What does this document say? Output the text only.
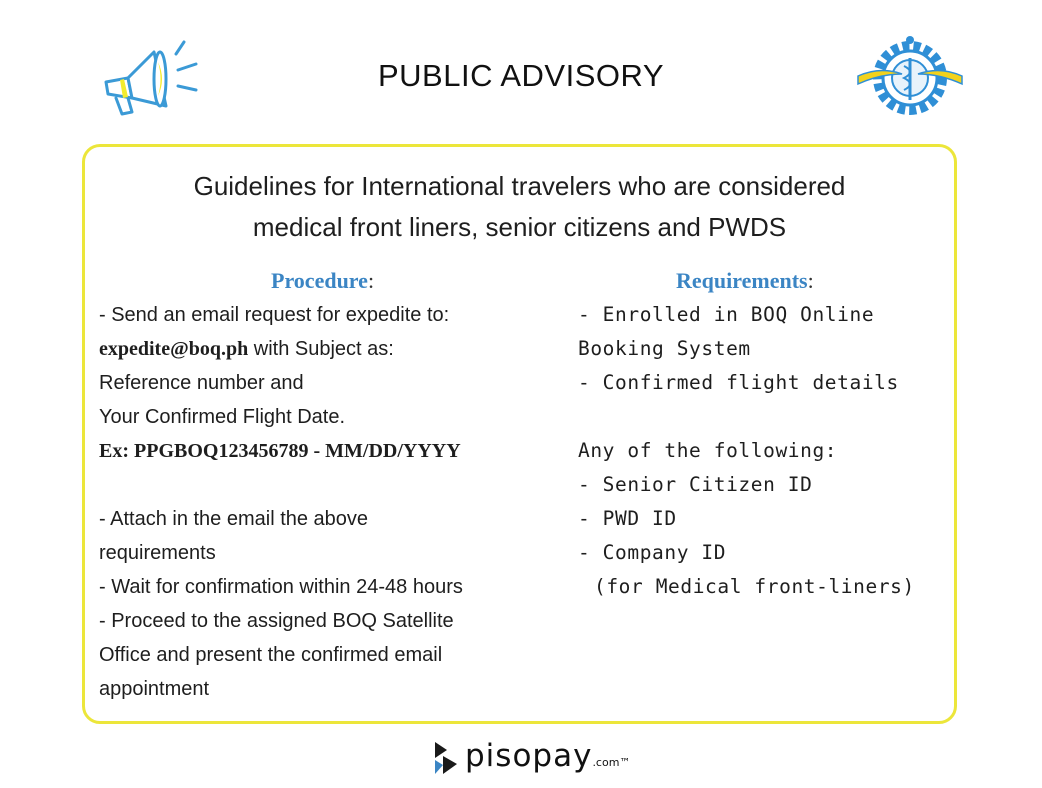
PUBLIC ADVISORY
Guidelines for International travelers who are considered
medical front liners, senior citizens and PWDS
Procedure:
- Send an email request for expedite to:
expedite@boq.ph with Subject as:
Reference number and
Your Confirmed Flight Date.
Ex: PPGBOQ123456789 - MM/DD/YYYY
- Attach in the email the above
requirements
- Wait for confirmation within 24-48 hours
- Proceed to the assigned BOQ Satellite
Office and present the confirmed email
appointment
Requirements:
- Enrolled in BOQ Online
Booking System
- Confirmed flight details
Any of the following:
- Senior Citizen ID
- PWD ID
- Company ID
(for Medical front-liners)
pisopay.com™
